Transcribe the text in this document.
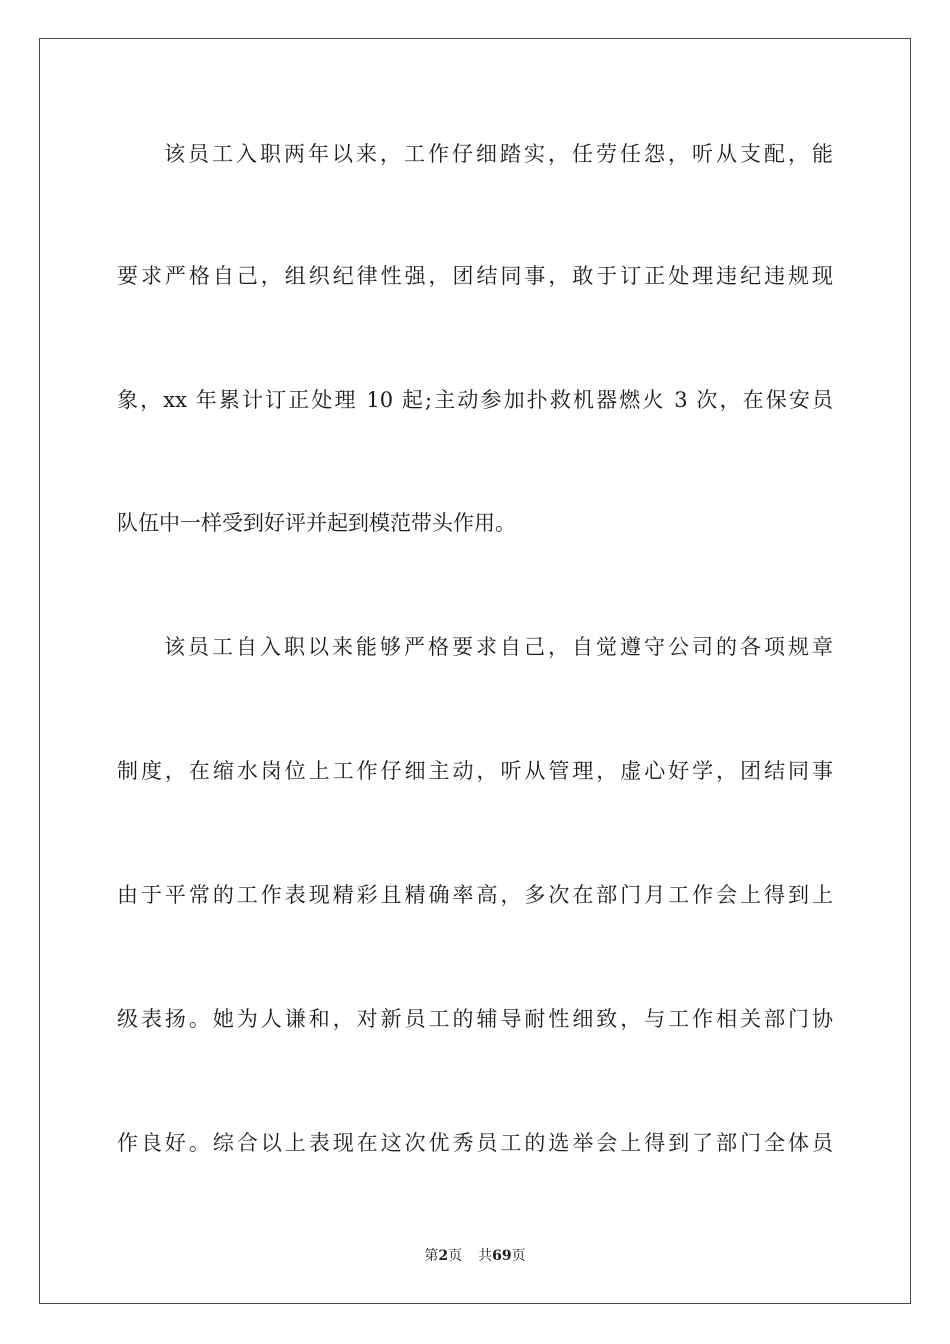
该员工入职两年以来，工作仔细踏实，任劳任怨，听从支配，能
要求严格自己，组织纪律性强，团结同事，敢于订正处理违纪违规现
象，xx 年累计订正处理 10 起;主动参加扑救机器燃火 3 次，在保安员
队伍中一样受到好评并起到模范带头作用。
该员工自入职以来能够严格要求自己，自觉遵守公司的各项规章
制度，在缩水岗位上工作仔细主动，听从管理，虚心好学，团结同事
由于平常的工作表现精彩且精确率高，多次在部门月工作会上得到上
级表扬。她为人谦和，对新员工的辅导耐性细致，与工作相关部门协
作良好。综合以上表现在这次优秀员工的选举会上得到了部门全体员
第2页 共69页
